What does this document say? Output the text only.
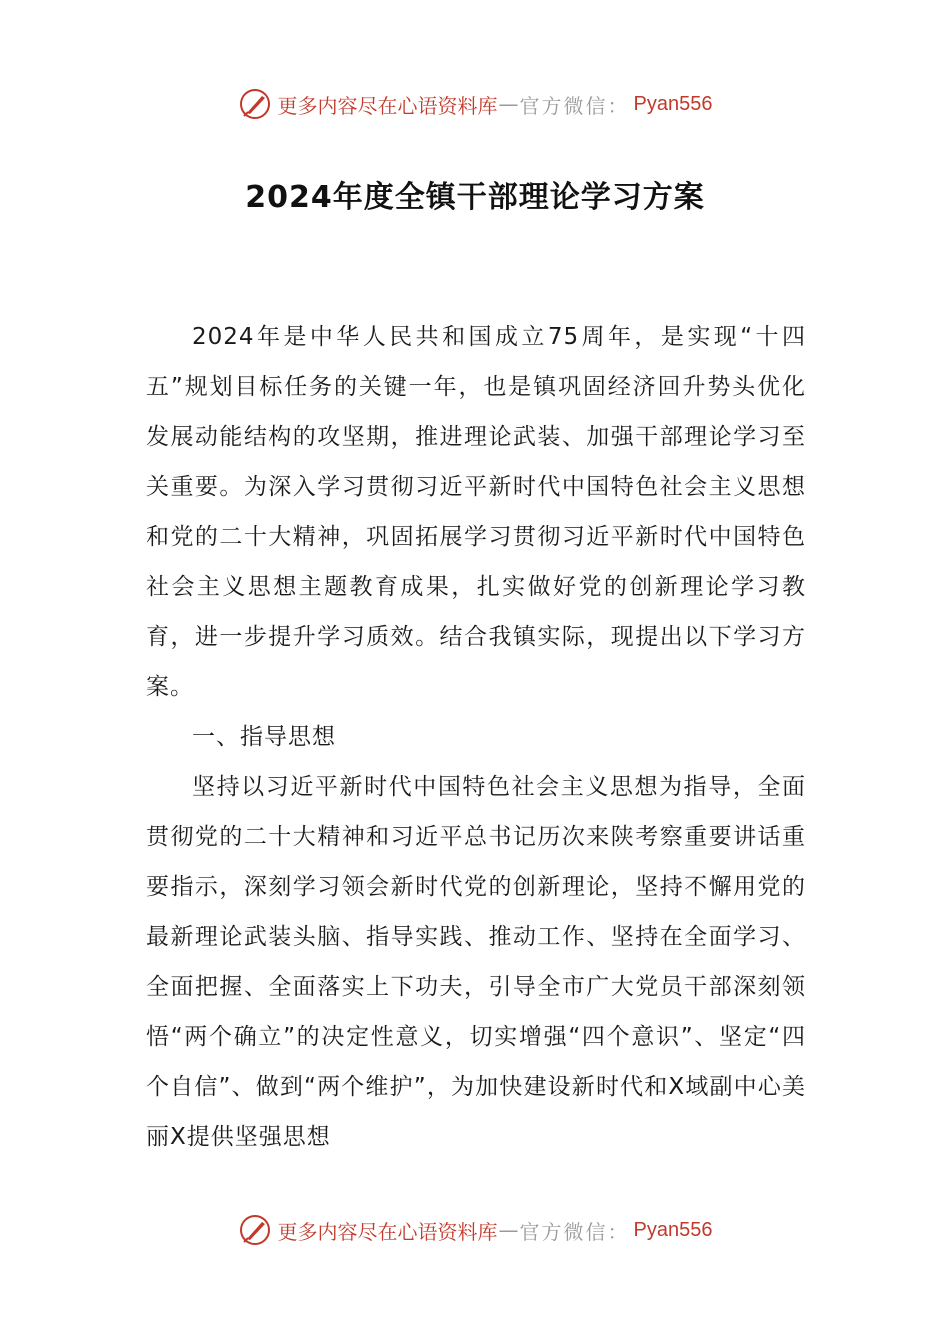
更多内容尽在心语资料库 — 官方微信： Pyan556
2024年度全镇干部理论学习方案

2024年是中华人民共和国成立75周年，是实现“十四五”规划目标任务的关键一年，也是镇巩固经济回升势头优化发展动能结构的攻坚期，推进理论武装、加强干部理论学习至关重要。为深入学习贯彻习近平新时代中国特色社会主义思想和党的二十大精神，巩固拓展学习贯彻习近平新时代中国特色社会主义思想主题教育成果，扎实做好党的创新理论学习教育，进一步提升学习质效。结合我镇实际，现提出以下学习方案。

一、指导思想

坚持以习近平新时代中国特色社会主义思想为指导，全面贯彻党的二十大精神和习近平总书记历次来陕考察重要讲话重要指示，深刻学习领会新时代党的创新理论，坚持不懈用党的最新理论武装头脑、指导实践、推动工作、坚持在全面学习、全面把握、全面落实上下功夫，引导全市广大党员干部深刻领悟“两个确立”的决定性意义，切实增强“四个意识”、坚定“四个自信”、做到“两个维护”，为加快建设新时代和X域副中心美丽X提供坚强思想

更多内容尽在心语资料库 — 官方微信： Pyan556
